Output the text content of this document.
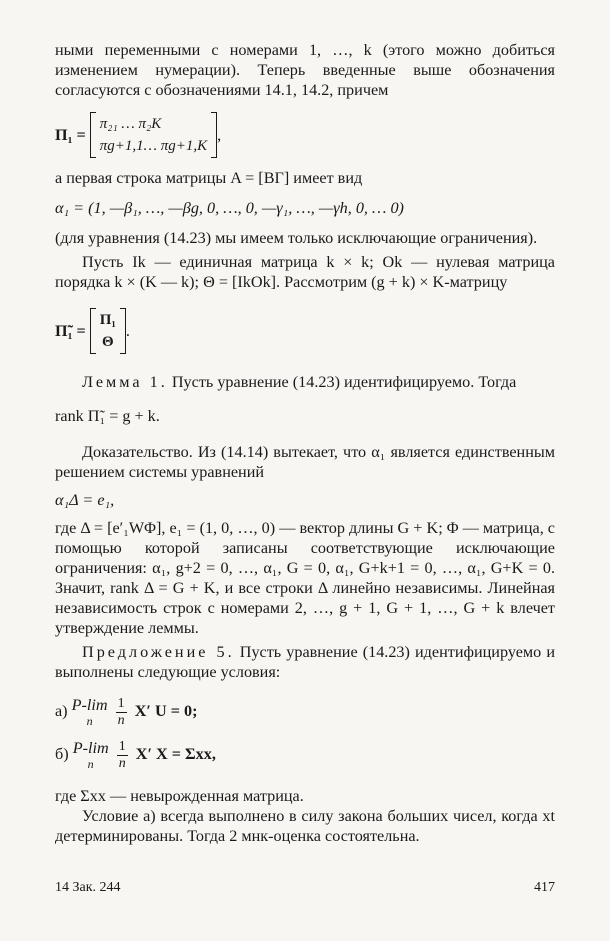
ными переменными с номерами 1, …, k (этого можно добиться изменением нумерации). Теперь введенные выше обозначения согласуются с обозначениями 14.1, 14.2, причем

Π₁ =
π₂₁ … π₂K
πg+1,1… πg+1,K
,

а первая строка матрицы A = [BΓ] имеет вид

α₁ = (1, —β₁, …, —βg, 0, …, 0, —γ₁, …, —γh, 0, … 0)

(для уравнения (14.23) мы имеем только исключающие ограничения).

Пусть Ik — единичная матрица k × k; Ok — нулевая матрица порядка k × (K — k); Θ = [IkOk]. Рассмотрим (g + k) × K-матрицу

Π̃₁ =
Π₁
Θ
.

Лемма 1. Пусть уравнение (14.23) идентифицируемо. Тогда

rank Π̃₁ = g + k.

Доказательство. Из (14.14) вытекает, что α₁ является единственным решением системы уравнений

α₁Δ = e₁,

где Δ = [e′₁WΦ], e₁ = (1, 0, …, 0) — вектор длины G + K; Φ — матрица, с помощью которой записаны соответствующие исключающие ограничения: α₁, g+2 = 0, …, α₁, G = 0, α₁, G+k+1 = 0, …, α₁, G+K = 0. Значит, rank Δ = G + K, и все строки Δ линейно независимы. Линейная независимость строк с номерами 2, …, g + 1, G + 1, …, G + k влечет утверждение леммы.

Предложение 5. Пусть уравнение (14.23) идентифицируемо и выполнены следующие условия:

а) P-lim
n
$\frac{1}{n} X'$ U = 0;
б) P-lim
n
$\frac{1}{n} X'$ X = Σxx,

где Σxx — невырожденная матрица.

Условие а) всегда выполнено в силу закона больших чисел, когда xt детерминированы. Тогда 2 мнк-оценка состоятельна.

14 Зак. 244	417
